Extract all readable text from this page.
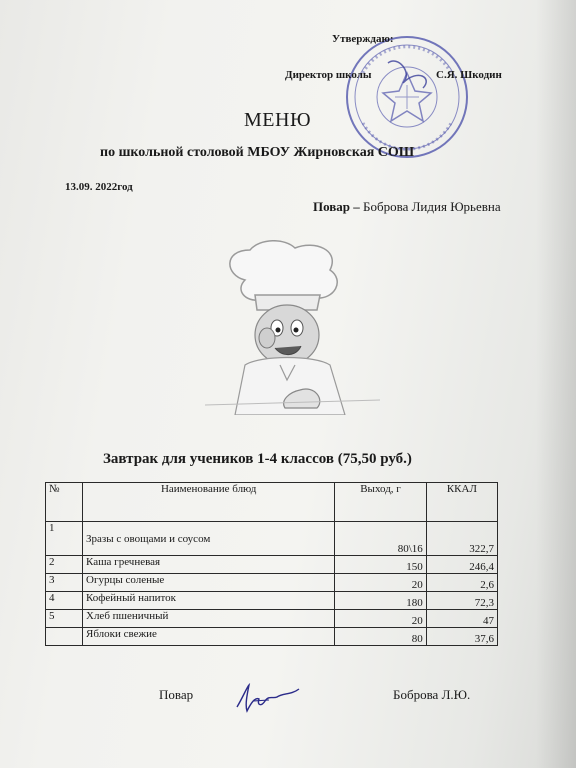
Утверждаю:
Директор школы	С.Я. Шкодин
МЕНЮ
по школьной столовой МБОУ Жирновская СОШ
13.09. 2022год
Повар – Боброва Лидия Юрьевна
Завтрак для учеников 1-4 классов (75,50 руб.)
№	Наименование блюд	Выход, г	ККАЛ
1	Зразы с овощами и соусом	80\16	322,7
2	Каша гречневая	150	246,4
3	Огурцы соленые	20	2,6
4	Кофейный напиток	180	72,3
5	Хлеб пшеничный	20	47
	Яблоки свежие	80	37,6
Повар	Боброва Л.Ю.
